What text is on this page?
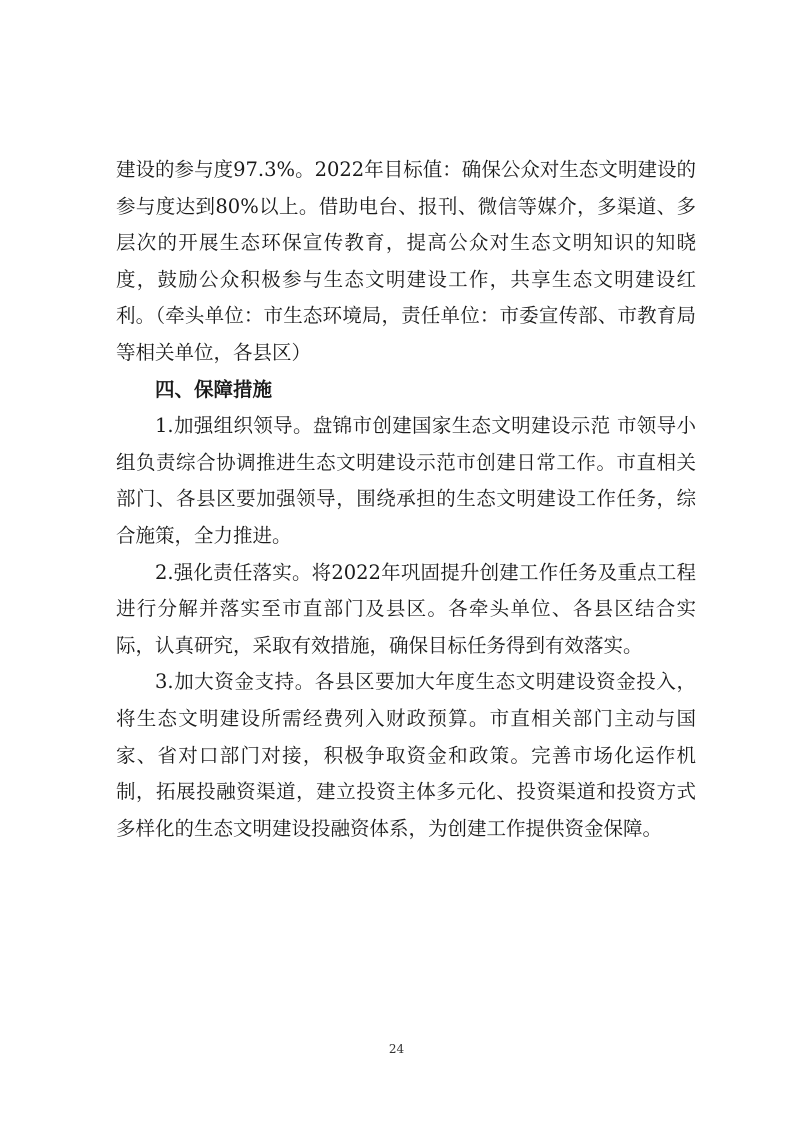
建设的参与度97.3%。2022年目标值：确保公众对生态文明建设的参与度达到80%以上。借助电台、报刊、微信等媒介，多渠道、多层次的开展生态环保宣传教育，提高公众对生态文明知识的知晓度，鼓励公众积极参与生态文明建设工作，共享生态文明建设红利。（牵头单位：市生态环境局，责任单位：市委宣传部、市教育局等相关单位，各县区）

四、保障措施

1.加强组织领导。盘锦市创建国家生态文明建设示范 市领导小组负责综合协调推进生态文明建设示范市创建日常工作。市直相关部门、各县区要加强领导，围绕承担的生态文明建设工作任务，综合施策，全力推进。

2.强化责任落实。将2022年巩固提升创建工作任务及重点工程进行分解并落实至市直部门及县区。各牵头单位、各县区结合实际，认真研究，采取有效措施，确保目标任务得到有效落实。

3.加大资金支持。各县区要加大年度生态文明建设资金投入，将生态文明建设所需经费列入财政预算。市直相关部门主动与国家、省对口部门对接，积极争取资金和政策。完善市场化运作机制，拓展投融资渠道，建立投资主体多元化、投资渠道和投资方式多样化的生态文明建设投融资体系，为创建工作提供资金保障。

24
